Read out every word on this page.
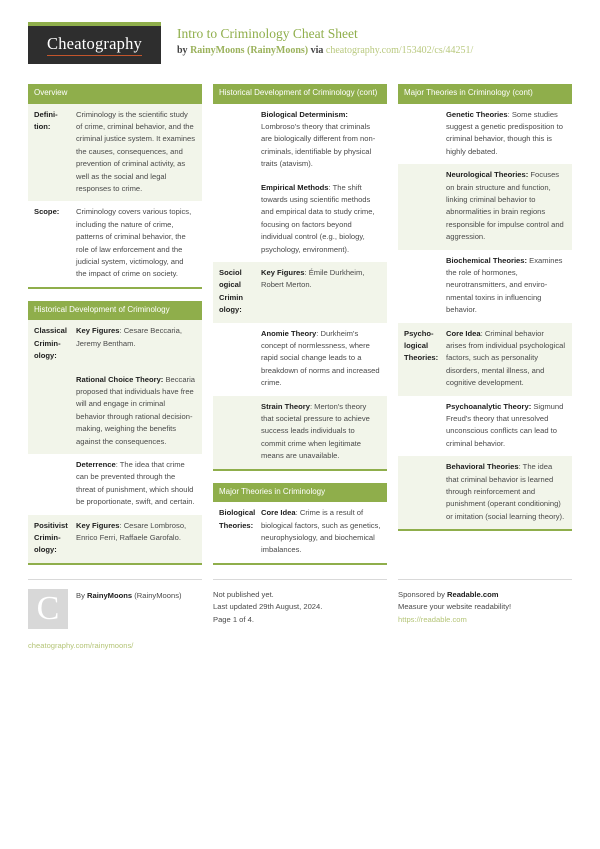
Cheatography
Intro to Criminology Cheat Sheet
by RainyMoons (RainyMoons) via cheatography.com/153402/cs/44251/
Overview
Definition:
Criminology is the scientific study of crime, criminal behavior, and the criminal justice system. It examines the causes, consequences, and prevention of criminal activity, as well as the social and legal responses to crime.
Scope:	Criminology covers various topics, including the nature of crime, patterns of criminal behavior, the role of law enforcement and the judicial system, victimology, and the impact of crime on society.
Historical Development of Criminology
Classical Criminology:
Key Figures: Cesare Beccaria, Jeremy Bentham.
Rational Choice Theory: Beccaria proposed that individuals have free will and engage in criminal behavior through rational decision-making, weighing the benefits against the consequences.
Deterrence: The idea that crime can be prevented through the threat of punishment, which should be proportionate, swift, and certain.
Positivist Criminology:
Key Figures: Cesare Lombroso, Enrico Ferri, Raffaele Garofalo.
Historical Development of Criminology (cont)
Biological Determinism: Lombroso's theory that criminals are biologically different from non-criminals, identifiable by physical traits (atavism).
Empirical Methods: The shift towards using scientific methods and empirical data to study crime, focusing on factors beyond individual control (e.g., biology, psychology, environment).
Sociol ogical Crimin ology:
Key Figures: Émile Durkheim, Robert Merton.
Anomie Theory: Durkheim's concept of normlessness, where rapid social change leads to a breakdown of norms and increased crime.
Strain Theory: Merton's theory that societal pressure to achieve success leads individuals to commit crime when legitimate means are unavailable.
Major Theories in Criminology
Biological Theories:
Core Idea: Crime is a result of biological factors, such as genetics, neurophysiology, and biochemical imbalances.
Major Theories in Criminology (cont)
Genetic Theories: Some studies suggest a genetic predisposition to criminal behavior, though this is highly debated.
Neurological Theories: Focuses on brain structure and function, linking criminal behavior to abnormalities in brain regions responsible for impulse control and aggression.
Biochemical Theories: Examines the role of hormones, neurotransmitters, and environmental toxins in influencing behavior.
Psychological Theories:
Core Idea: Criminal behavior arises from individual psychological factors, such as personality disorders, mental illness, and cognitive development.
Psychoanalytic Theory: Sigmund Freud's theory that unresolved unconscious conflicts can lead to criminal behavior.
Behavioral Theories: The idea that criminal behavior is learned through reinforcement and punishment (operant conditioning) or imitation (social learning theory).
C	By RainyMoons (RainyMoons)
cheatography.com/rainymoons/
Not published yet.
Last updated 29th August, 2024.
Page 1 of 4.
Sponsored by Readable.com
Measure your website readability!
https://readable.com
